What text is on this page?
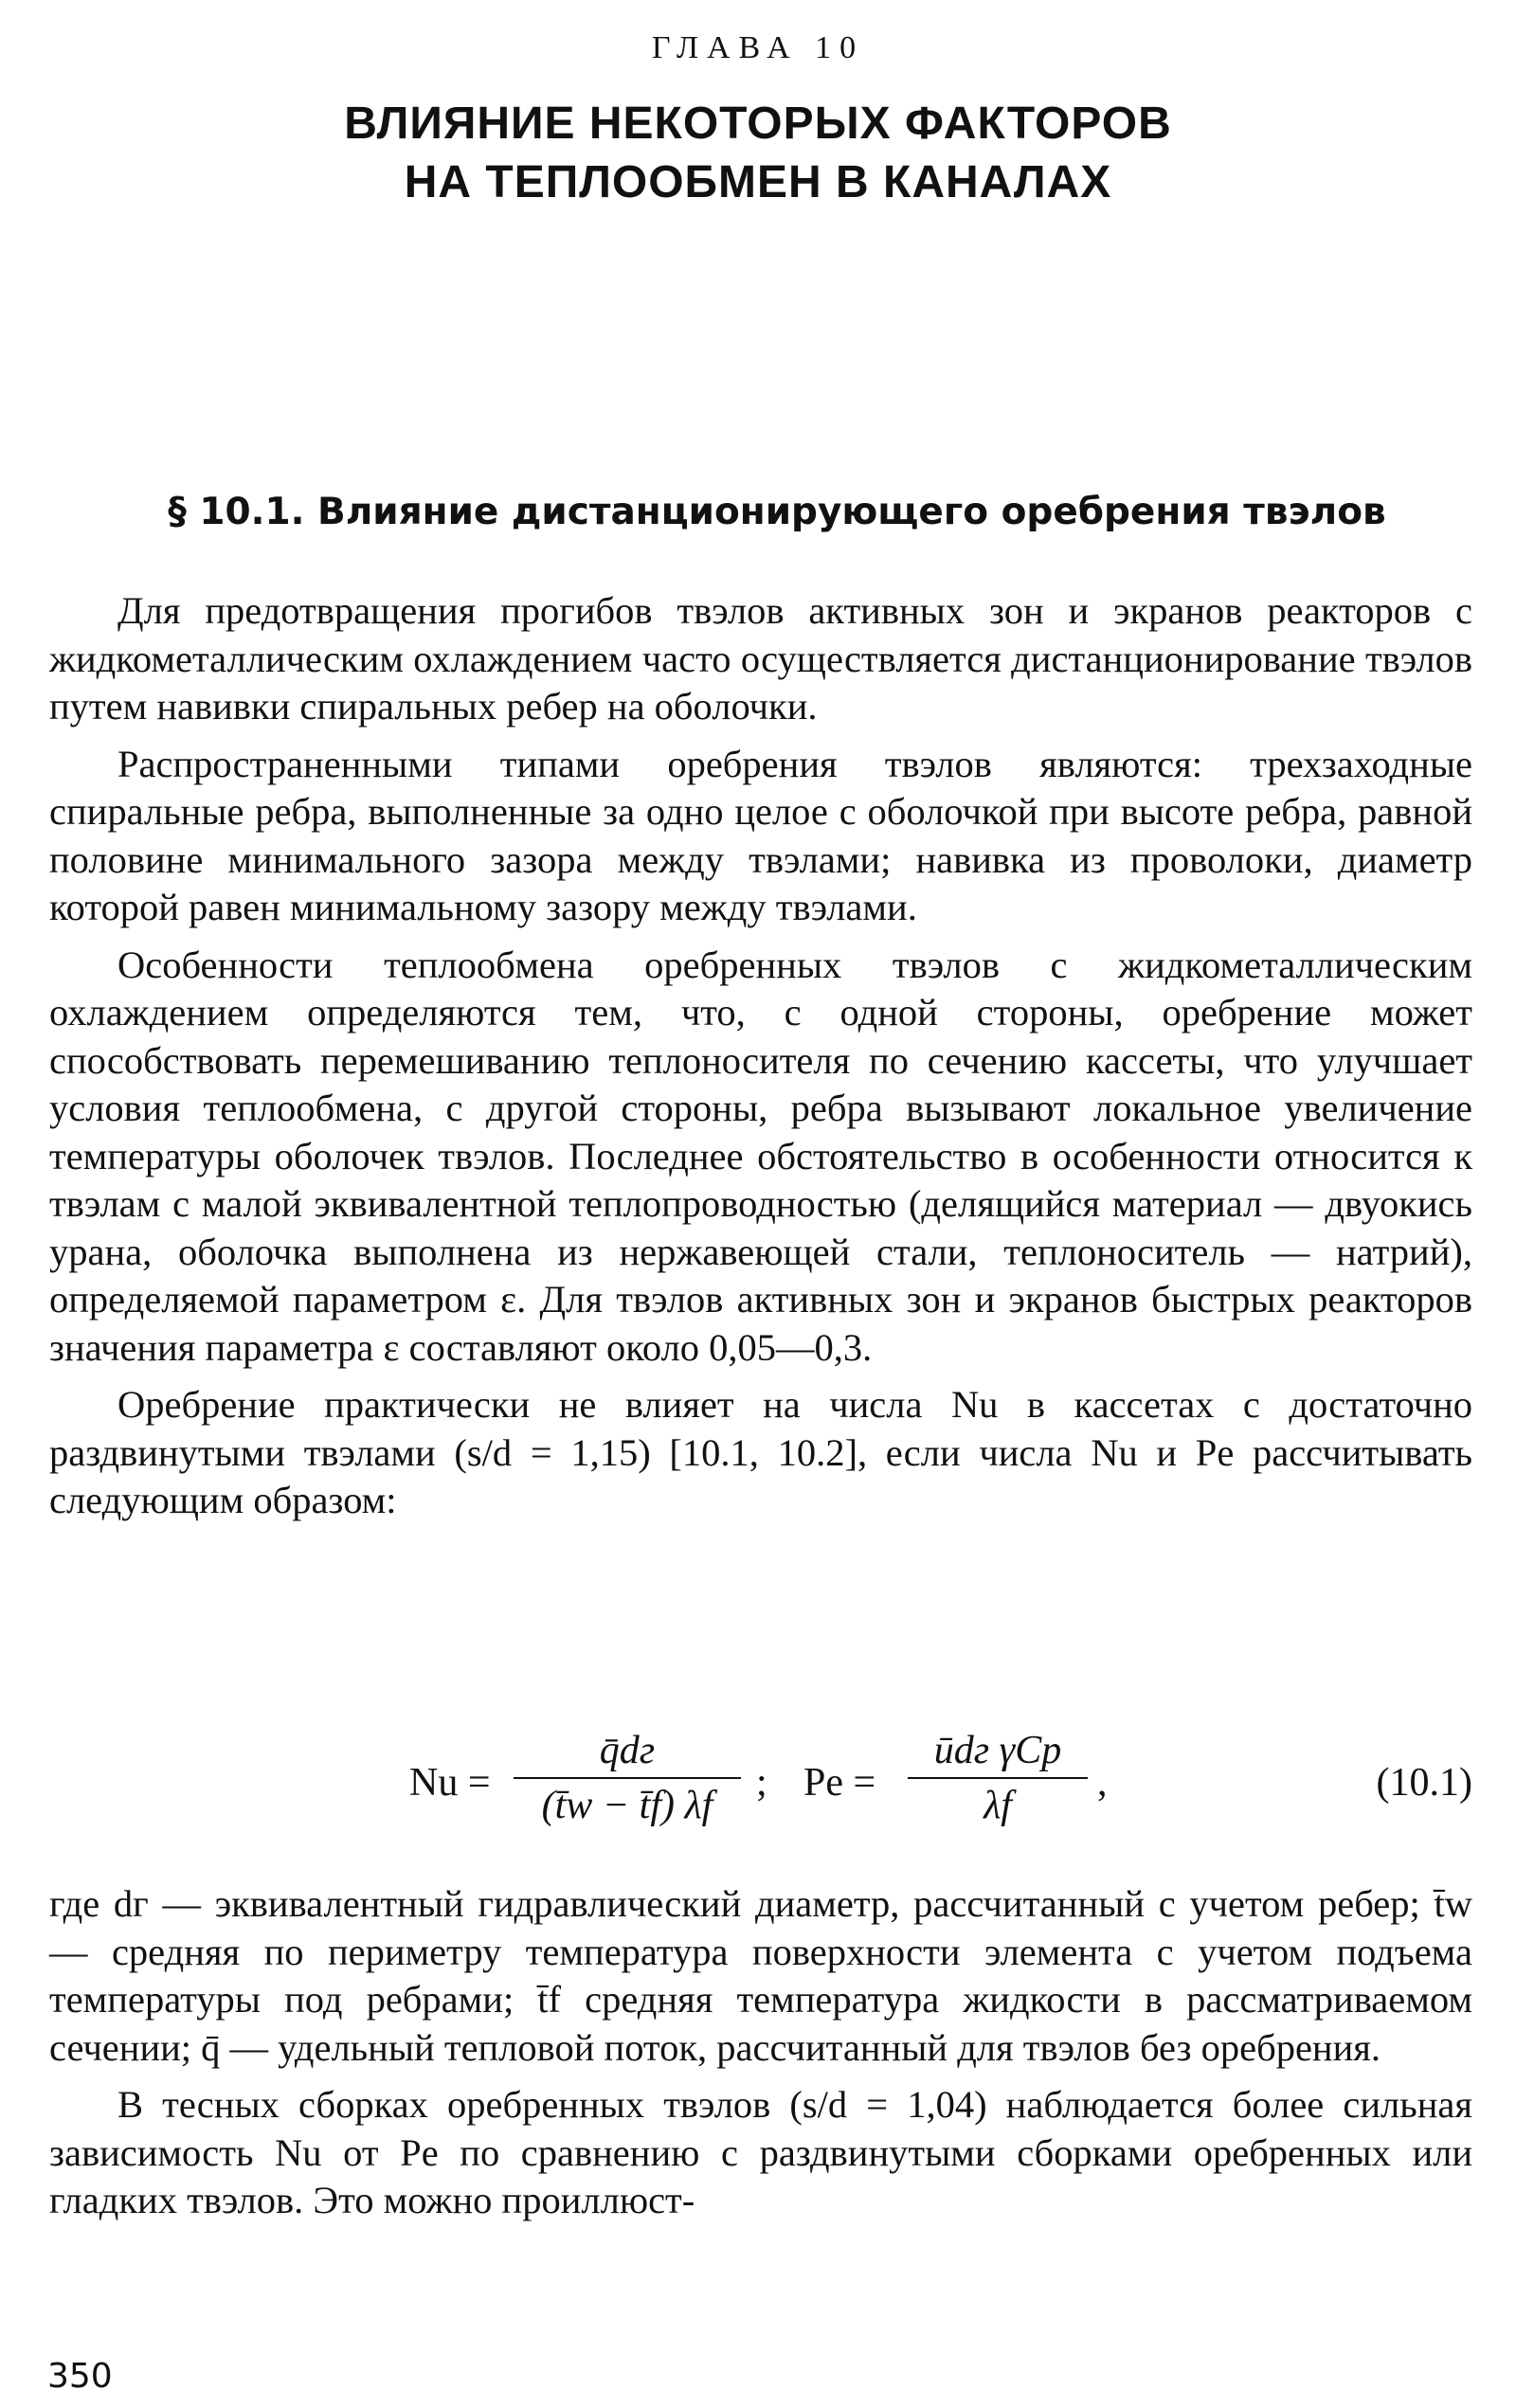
ГЛАВА 10
ВЛИЯНИЕ НЕКОТОРЫХ ФАКТОРОВ
НА ТЕПЛООБМЕН В КАНАЛАХ
§ 10.1. Влияние дистанционирующего оребрения твэлов

Для предотвращения прогибов твэлов активных зон и экранов реакторов с жидкометаллическим охлаждением часто осуществляется дистанционирование твэлов путем навивки спиральных ребер на оболочки.

Распространенными типами оребрения твэлов являются: трехзаходные спиральные ребра, выполненные за одно целое с оболочкой при высоте ребра, равной половине минимального зазора между твэлами; навивка из проволоки, диаметр которой равен минимальному зазору между твэлами.

Особенности теплообмена оребренных твэлов с жидкометаллическим охлаждением определяются тем, что, с одной стороны, оребрение может способствовать перемешиванию теплоносителя по сечению кассеты, что улучшает условия теплообмена, с другой стороны, ребра вызывают локальное увеличение температуры оболочек твэлов. Последнее обстоятельство в особенности относится к твэлам с малой эквивалентной теплопроводностью (делящийся материал — двуокись урана, оболочка выполнена из нержавеющей стали, теплоноситель — натрий), определяемой параметром ε. Для твэлов активных зон и экранов быстрых реакторов значения параметра ε составляют около 0,05—0,3.

Оребрение практически не влияет на числа Nu в кассетах с достаточно раздвинутыми твэлами (s/d = 1,15) [10.1, 10.2], если числа Nu и Pe рассчитывать следующим образом:

Nu =
q̄dг
(t̄w − t̄f) λf
; Pe =
ūdг γCp
λf
,	(10.1)

где dг — эквивалентный гидравлический диаметр, рассчитанный с учетом ребер; t̄w — средняя по периметру температура поверхности элемента с учетом подъема температуры под ребрами; t̄f средняя температура жидкости в рассматриваемом сечении; q̄ — удельный тепловой поток, рассчитанный для твэлов без оребрения.

В тесных сборках оребренных твэлов (s/d = 1,04) наблюдается более сильная зависимость Nu от Pe по сравнению с раздвинутыми сборками оребренных или гладких твэлов. Это можно проиллюст-

350
